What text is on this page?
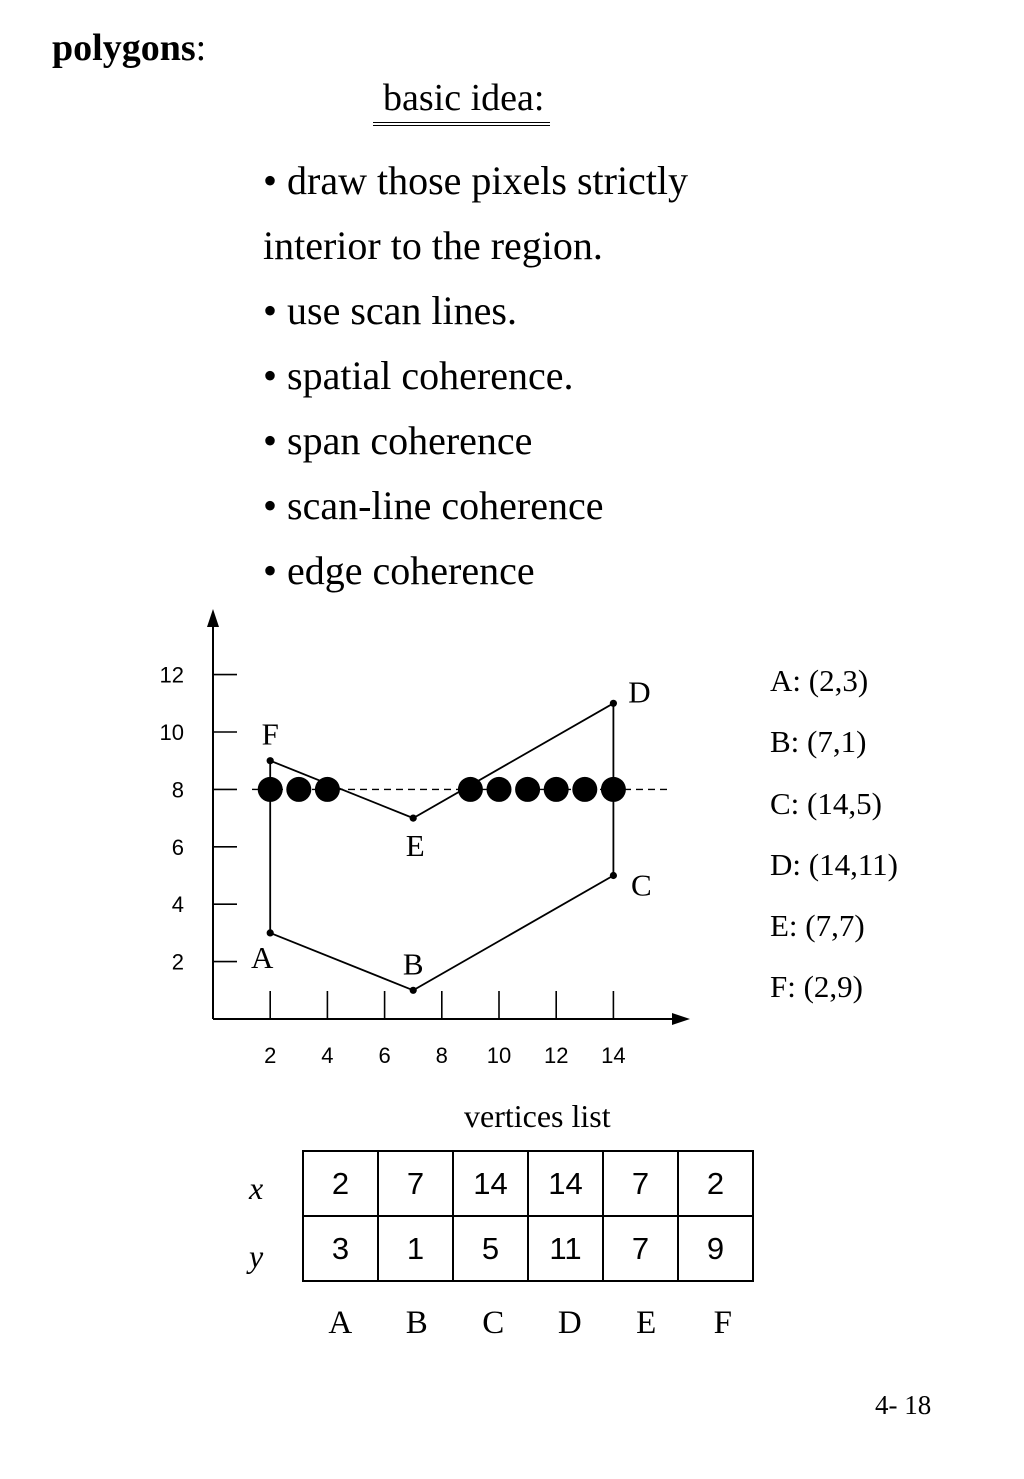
polygons:
basic idea:
• draw those pixels strictly
interior to the region.
• use scan lines.
• spatial coherence.
• span coherence
• scan-line coherence
• edge coherence
2 4 6 8 10 12 14
2
4
6
8
10
12
A	B
C
D
E
F
A: (2,3)
B: (7,1)
C: (14,5)
D: (14,11)
E: (7,7)
F: (2,9)
vertices list
x
y
2	7	14	14	7	2
3	1	5	11	7	9
A B C D E F
4- 18
